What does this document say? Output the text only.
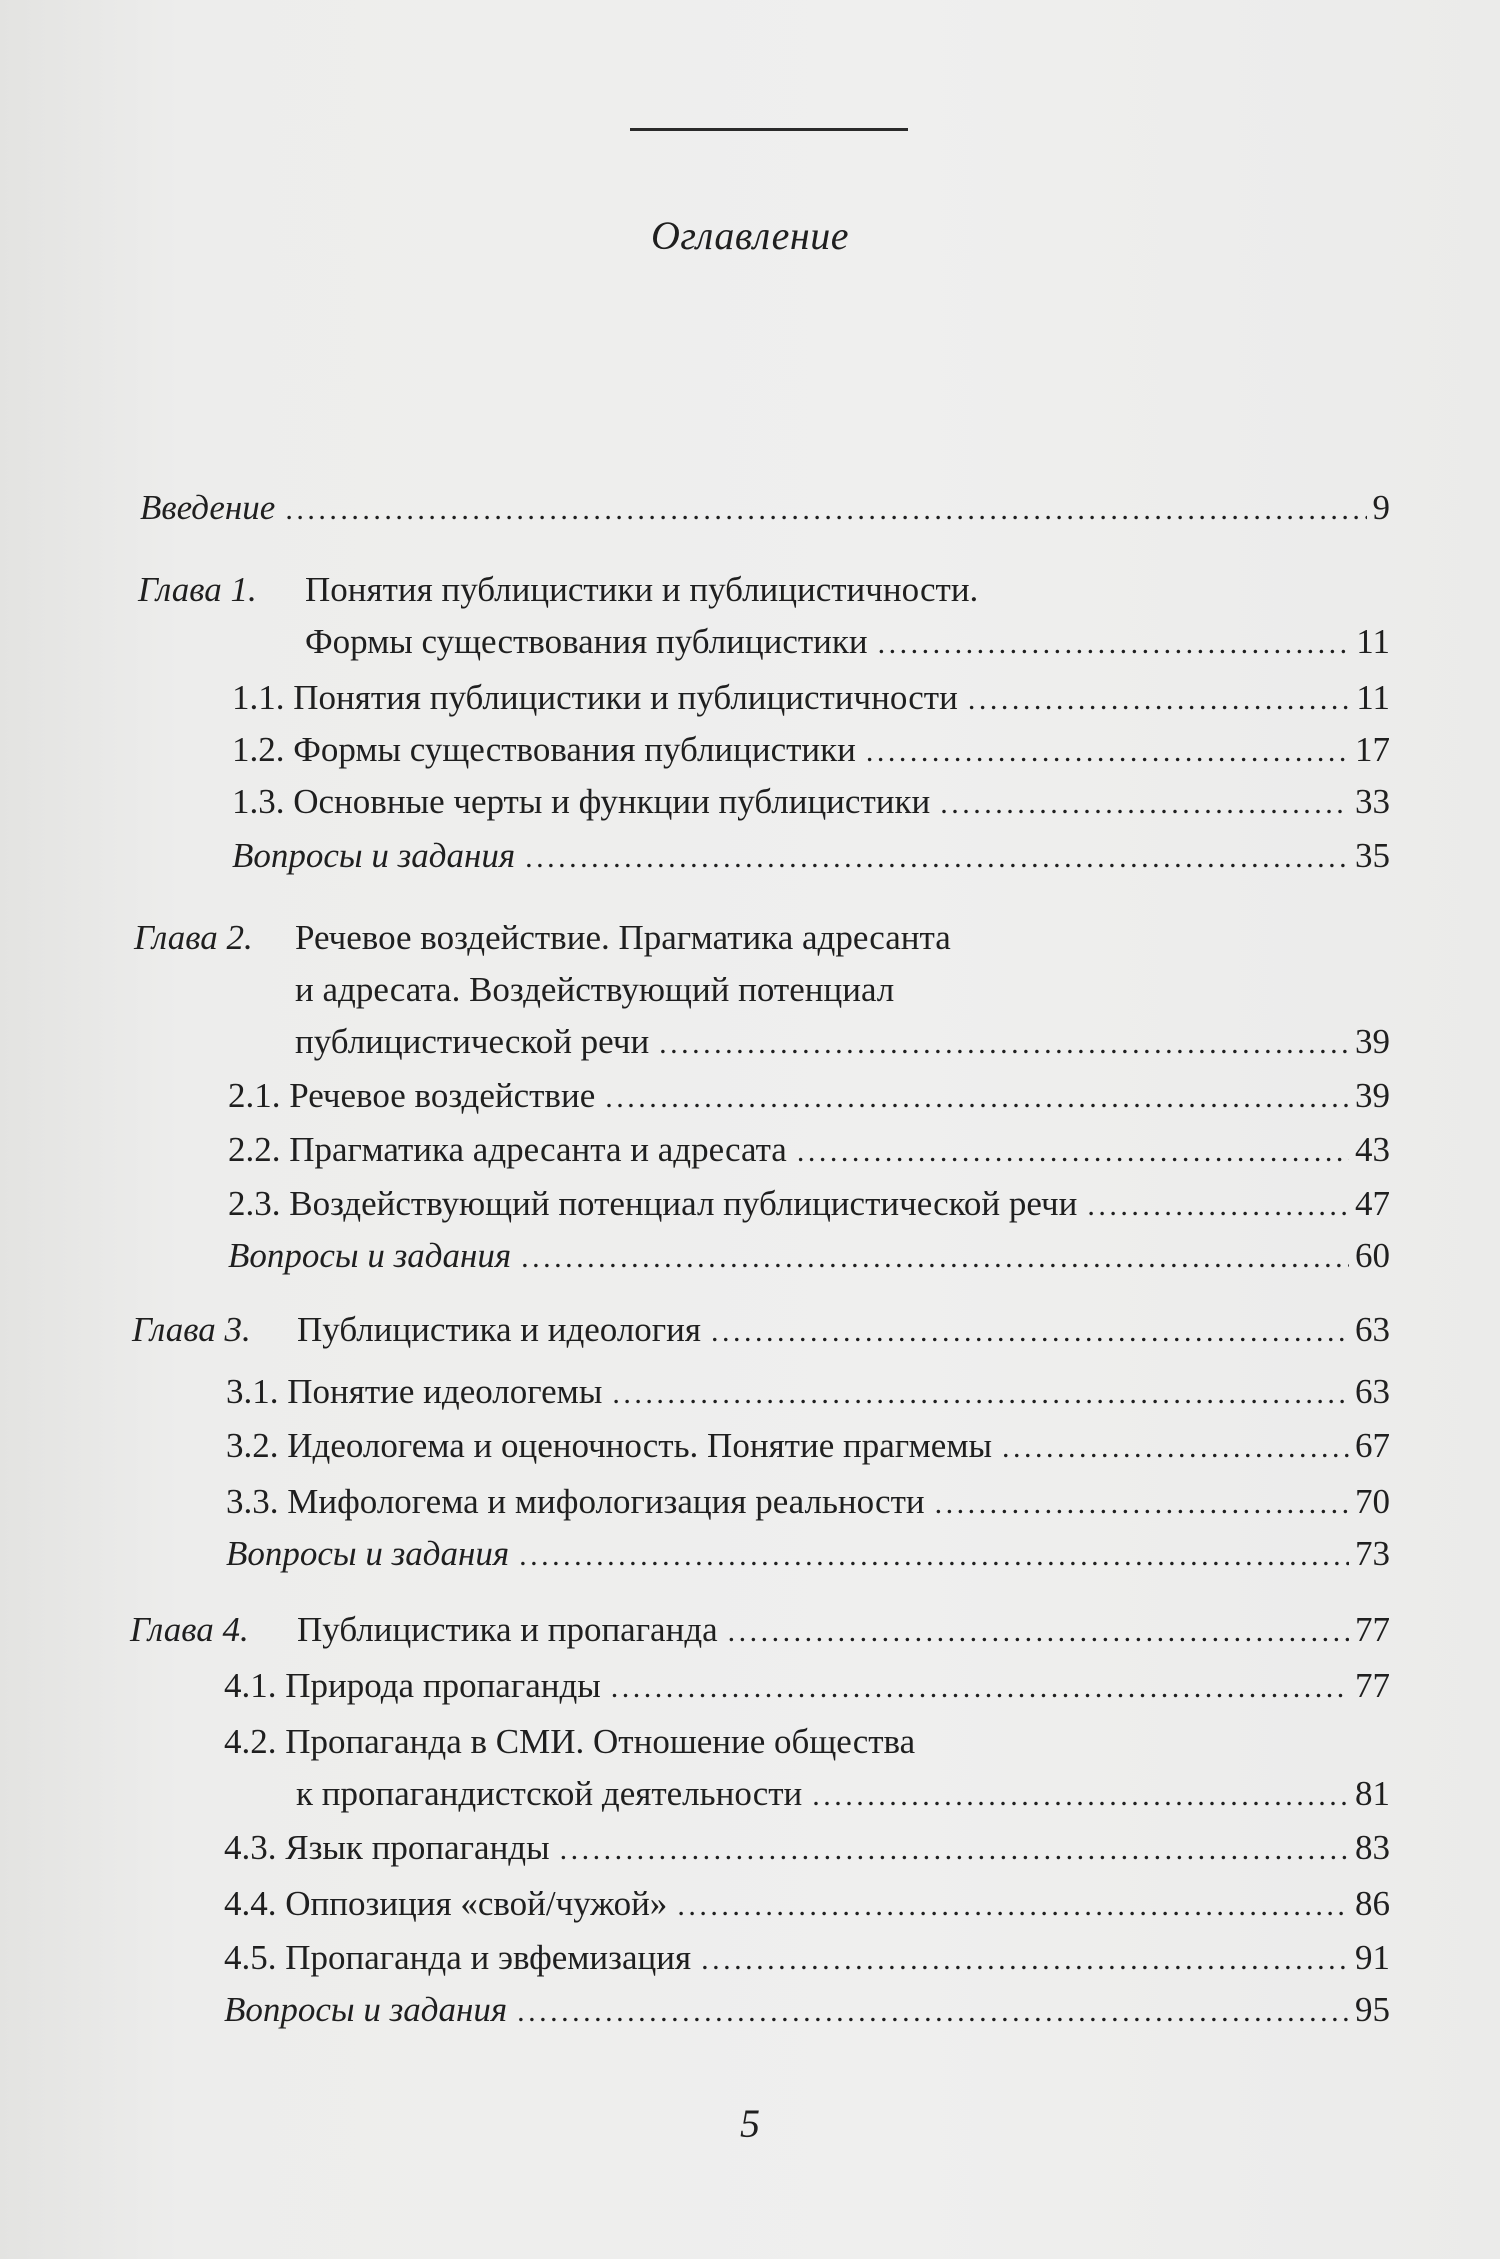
Оглавление
Введение . . .	9
Глава 1. Понятия публицистики и публицистичности.
Формы существования публицистики . . .	11
1.1. Понятия публицистики и публицистичности . . .	11
1.2. Формы существования публицистики . . .	17
1.3. Основные черты и функции публицистики . . .	33
Вопросы и задания . . .	35
Глава 2. Речевое воздействие. Прагматика адресанта
и адресата. Воздействующий потенциал
публицистической речи . . .	39
2.1. Речевое воздействие . . .	39
2.2. Прагматика адресанта и адресата . . .	43
2.3. Воздействующий потенциал публицистической речи . . .	47
Вопросы и задания . . .	60
Глава 3. Публицистика и идеология . . .	63
3.1. Понятие идеологемы . . .	63
3.2. Идеологема и оценочность. Понятие прагмемы . . .	67
3.3. Мифологема и мифологизация реальности . . .	70
Вопросы и задания . . .	73
Глава 4. Публицистика и пропаганда . . .	77
4.1. Природа пропаганды . . .	77
4.2. Пропаганда в СМИ. Отношение общества
к пропагандистской деятельности . . .	81
4.3. Язык пропаганды . . .	83
4.4. Оппозиция «свой/чужой» . . .	86
4.5. Пропаганда и эвфемизация . . .	91
Вопросы и задания . . .	95
5
